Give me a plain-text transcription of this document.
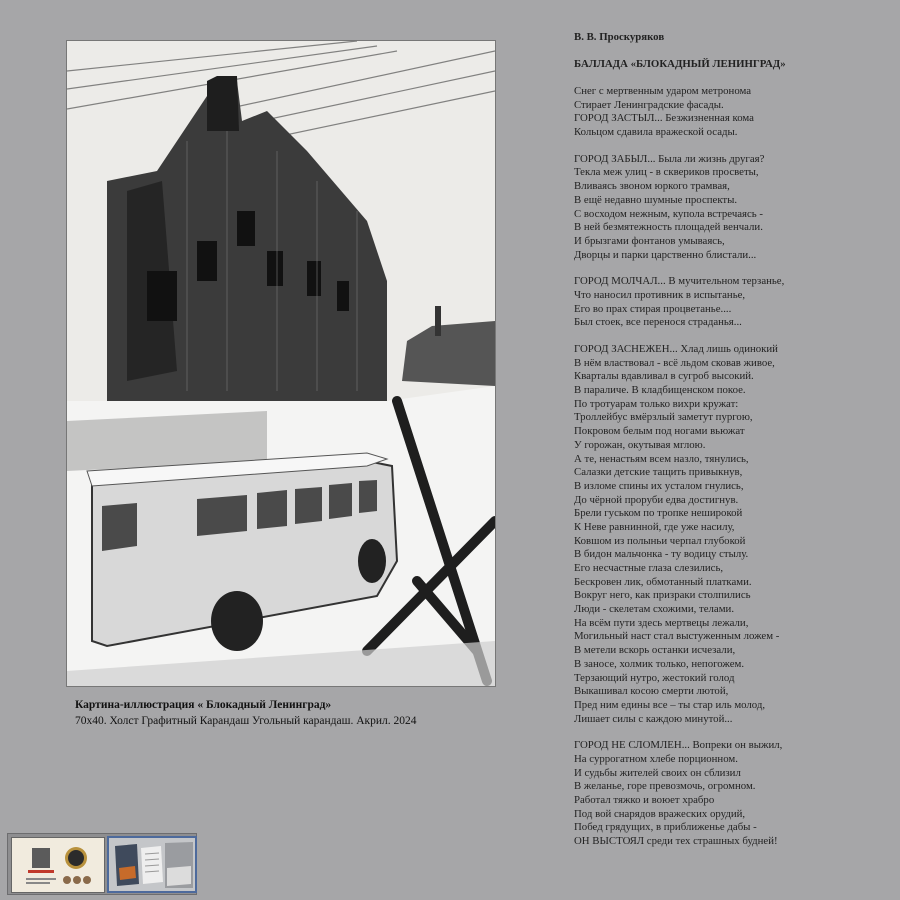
Картина-иллюстрация « Блокадный Ленинград»
70х40. Холст Графитный Карандаш Угольный карандаш. Акрил. 2024
В. В. Проскуряков
БАЛЛАДА «БЛОКАДНЫЙ ЛЕНИНГРАД»
Снег с мертвенным ударом метронома
Стирает Ленинградские фасады.
ГОРОД ЗАСТЫЛ... Безжизненная кома
Кольцом сдавила вражеской осады.
ГОРОД ЗАБЫЛ... Была ли жизнь другая?
Текла меж улиц - в сквериков просветы,
Вливаясь звоном юркого трамвая,
В ещё недавно шумные проспекты.
С восходом нежным, купола встречаясь -
В ней безмятежность площадей венчали.
И брызгами фонтанов умываясь,
Дворцы и парки царственно блистали...
ГОРОД МОЛЧАЛ... В мучительном терзанье,
Что наносил противник в испытанье,
Его во прах стирая процветанье....
Был стоек, все перенося страданья...
ГОРОД ЗАСНЕЖЕН... Хлад лишь одинокий
В нём властвовал - всё льдом сковав живое,
Кварталы вдавливал в сугроб высокий.
В параличе. В кладбищенском покое.
По тротуарам только вихри кружат:
Троллейбус вмёрзлый заметут пургою,
Покровом белым под ногами вьюжат
У горожан, окутывая мглою.
А те, ненастьям всем назло, тянулись,
Салазки детские тащить привыкнув,
В изломе спины их усталом гнулись,
До чёрной проруби едва достигнув.
Брели гуськом по тропке неширокой
К Неве равнинной, где уже насилу,
Ковшом из полыньи черпал глубокой
В бидон мальчонка - ту водицу стылу.
Его несчастные глаза слезились,
Бескровен лик, обмотанный платками.
Вокруг него, как призраки столпились
Люди - скелетам схожими, телами.
На всём пути здесь мертвецы лежали,
Могильный наст стал выстуженным ложем -
В метели вскорь останки исчезали,
В заносе, холмик только, непогожем.
Терзающий нутро, жестокий голод
Выкашивал косою смерти лютой,
Пред ним едины все – ты стар иль молод,
Лишает силы с каждою минутой...
ГОРОД НЕ СЛОМЛЕН... Вопреки он выжил,
На суррогатном хлебе порционном.
И судьбы жителей своих он сблизил
В желанье, горе превозмочь, огромном.
Работал тяжко и воюет храбро
Под вой снарядов вражеских орудий,
Побед грядущих, в приближенье дабы -
ОН ВЫСТОЯЛ среди тех страшных будней!
